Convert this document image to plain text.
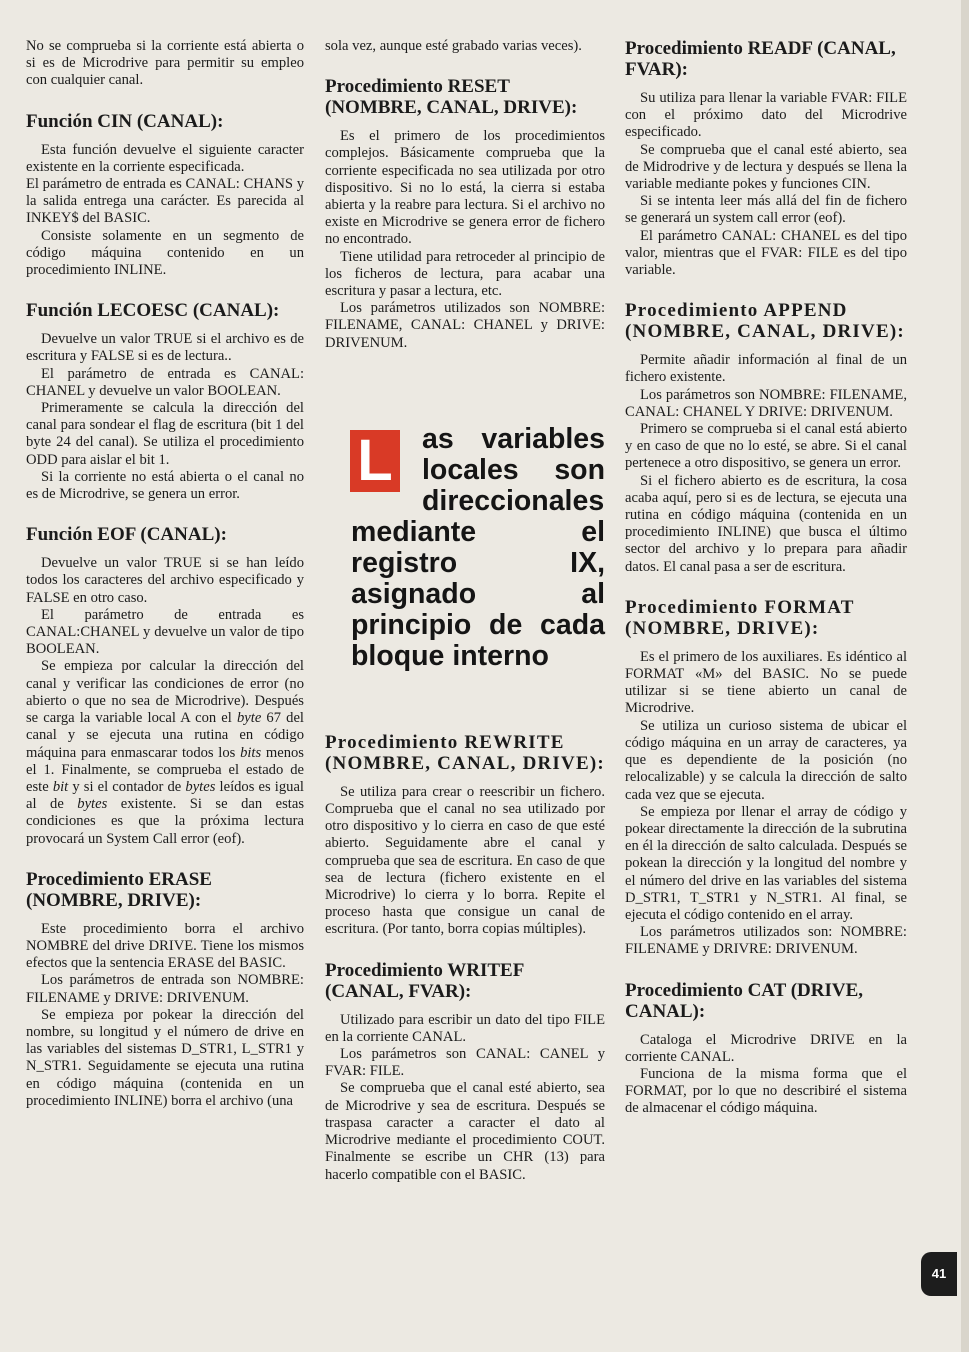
No se comprueba si la corriente está abierta o si es de Microdrive para permitir su empleo con cualquier canal.

Función CIN (CANAL):

Esta función devuelve el siguiente caracter existente en la corriente especificada.

El parámetro de entrada es CANAL: CHANS y la salida entrega una carácter. Es parecida al INKEY$ del BASIC.

Consiste solamente en un segmento de código máquina contenido en un procedimiento INLINE.

Función LECOESC (CANAL):

Devuelve un valor TRUE si el archivo es de escritura y FALSE si es de lectura..

El parámetro de entrada es CANAL: CHANEL y devuelve un valor BOOLEAN.

Primeramente se calcula la dirección del canal para sondear el flag de escritura (bit 1 del byte 24 del canal). Se utiliza el procedimiento ODD para aislar el bit 1.

Si la corriente no está abierta o el canal no es de Microdrive, se genera un error.

Función EOF (CANAL):

Devuelve un valor TRUE si se han leído todos los caracteres del archivo especificado y FALSE en otro caso.

El parámetro de entrada es CANAL:CHANEL y devuelve un valor de tipo BOOLEAN.

Se empieza por calcular la dirección del canal y verificar las condiciones de error (no abierto o que no sea de Microdrive). Después se carga la variable local A con el byte 67 del canal y se ejecuta una rutina en código máquina para enmascarar todos los bits menos el 1. Finalmente, se comprueba el estado de este bit y si el contador de bytes leídos es igual al de bytes existente. Si se dan estas condiciones es que la próxima lectura provocará un System Call error (eof).

Procedimiento ERASE (NOMBRE, DRIVE):

Este procedimiento borra el archivo NOMBRE del drive DRIVE. Tiene los mismos efectos que la sentencia ERASE del BASIC.

Los parámetros de entrada son NOMBRE: FILENAME y DRIVE: DRIVENUM.

Se empieza por pokear la dirección del nombre, su longitud y el número de drive en las variables del sistemas D_STR1, L_STR1 y N_STR1. Seguidamente se ejecuta una rutina en código máquina (contenida en un procedimiento INLINE) borra el archivo (una

sola vez, aunque esté grabado varias veces).

Procedimiento RESET (NOMBRE, CANAL, DRIVE):

Es el primero de los procedimientos complejos. Básicamente comprueba que la corriente especificada no sea utilizada por otro dispositivo. Si no lo está, la cierra si estaba abierta y la reabre para lectura. Si el archivo no existe en Microdrive se genera error de fichero no encontrado.

Tiene utilidad para retroceder al principio de los ficheros de lectura, para acabar una escritura y pasar a lectura, etc.

Los parámetros utilizados son NOMBRE: FILENAME, CANAL: CHANEL y DRIVE: DRIVENUM.

L as variables locales son direccionales mediante el registro IX, asignado al principio de cada bloque interno
Procedimiento REWRITE (NOMBRE, CANAL, DRIVE):

Se utiliza para crear o reescribir un fichero. Comprueba que el canal no sea utilizado por otro dispositivo y lo cierra en caso de que esté abierto. Seguidamente abre el canal y comprueba que sea de escritura. En caso de que sea de lectura (fichero existente en el Microdrive) lo cierra y lo borra. Repite el proceso hasta que consigue un canal de escritura. (Por tanto, borra copias múltiples).

Procedimiento WRITEF (CANAL, FVAR):

Utilizado para escribir un dato del tipo FILE en la corriente CANAL.

Los parámetros son CANAL: CANEL y FVAR: FILE.

Se comprueba que el canal esté abierto, sea de Microdrive y sea de escritura. Después se traspasa caracter a caracter el dato al Microdrive mediante el procedimiento COUT. Finalmente se escribe un CHR (13) para hacerlo compatible con el BASIC.

Procedimiento READF (CANAL, FVAR):

Su utiliza para llenar la variable FVAR: FILE con el próximo dato del Microdrive especificado.

Se comprueba que el canal esté abierto, sea de Midrodrive y de lectura y después se llena la variable mediante pokes y funciones CIN.

Si se intenta leer más allá del fin de fichero se generará un system call error (eof).

El parámetro CANAL: CHANEL es del tipo valor, mientras que el FVAR: FILE es del tipo variable.

Procedimiento APPEND (NOMBRE, CANAL, DRIVE):

Permite añadir información al final de un fichero existente.

Los parámetros son NOMBRE: FILENAME, CANAL: CHANEL Y DRIVE: DRIVENUM.

Primero se comprueba si el canal está abierto y en caso de que no lo esté, se abre. Si el canal pertenece a otro dispositivo, se genera un error.

Si el fichero abierto es de escritura, la cosa acaba aquí, pero si es de lectura, se ejecuta una rutina en código máquina (contenida en un procedimiento INLINE) que busca el último sector del archivo y lo prepara para añadir datos. El canal pasa a ser de escritura.

Procedimiento FORMAT (NOMBRE, DRIVE):

Es el primero de los auxiliares. Es idéntico al FORMAT «M» del BASIC. No se puede utilizar si se tiene abierto un canal de Microdrive.

Se utiliza un curioso sistema de ubicar el código máquina en un array de caracteres, ya que es dependiente de la posición (no relocalizable) y se calcula la dirección de salto cada vez que se ejecuta.

Se empieza por llenar el array de código y pokear directamente la dirección de la subrutina en él la dirección de salto calculada. Después se pokean la dirección y la longitud del nombre y el número del drive en las variables del sistema D_STR1, T_STR1 y N_STR1. Al final, se ejecuta el código contenido en el array.

Los parámetros utilizados son: NOMBRE: FILENAME y DRIVRE: DRIVENUM.

Procedimiento CAT (DRIVE, CANAL):

Cataloga el Microdrive DRIVE en la corriente CANAL.

Funciona de la misma forma que el FORMAT, por lo que no describiré el sistema de almacenar el código máquina.

41
